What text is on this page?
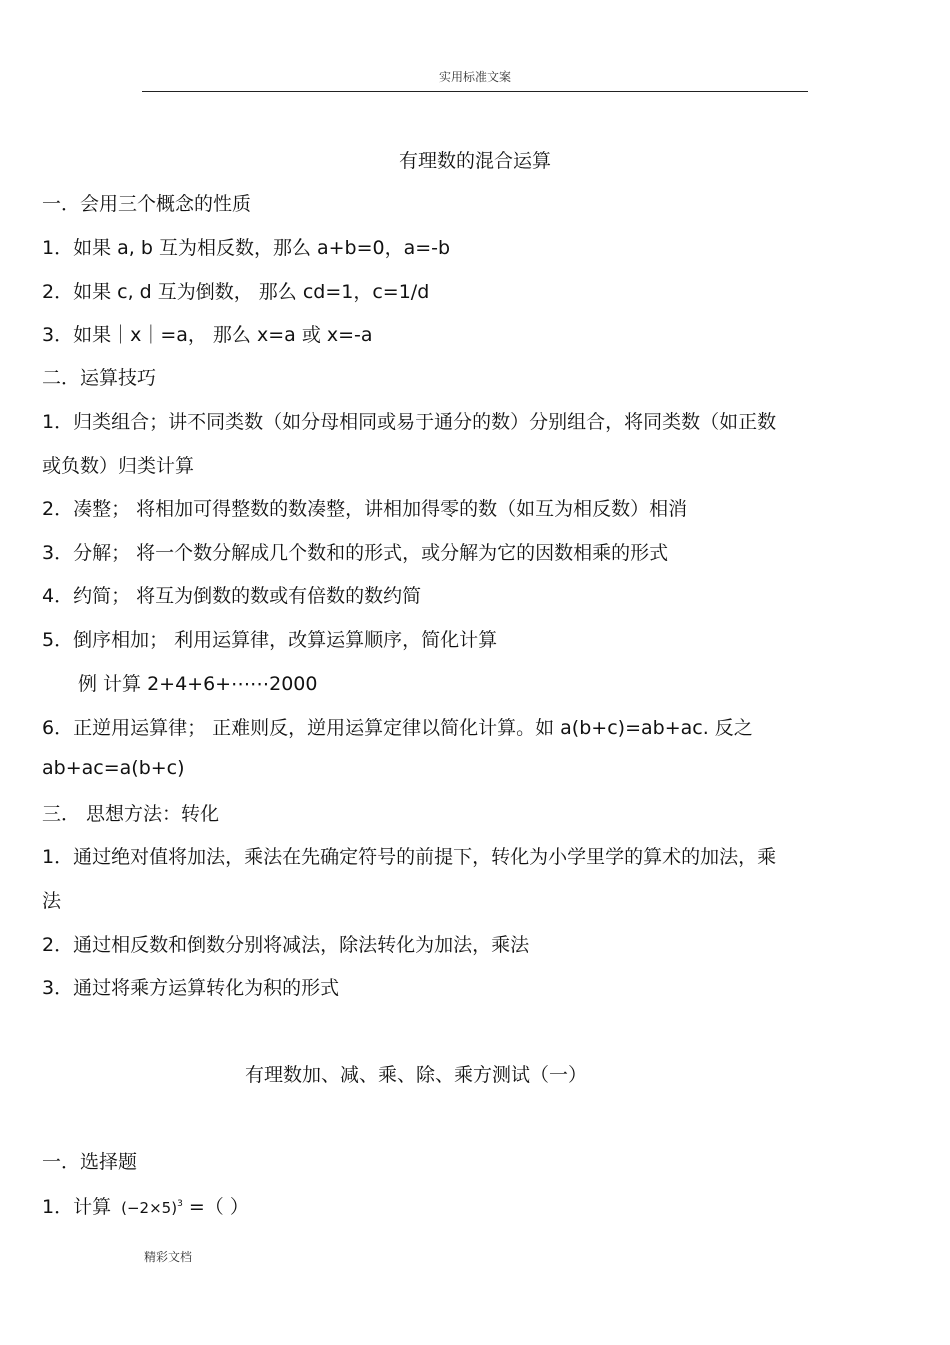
实用标准文案
有理数的混合运算
一．会用三个概念的性质
1．如果 a, b 互为相反数，那么 a+b=0，a=-b
2．如果 c, d 互为倒数， 那么 cd=1，c=1/d
3．如果｜x｜=a， 那么 x=a 或 x=-a
二．运算技巧
1．归类组合；讲不同类数（如分母相同或易于通分的数）分别组合，将同类数（如正数
或负数）归类计算
2．凑整； 将相加可得整数的数凑整，讲相加得零的数（如互为相反数）相消
3．分解； 将一个数分解成几个数和的形式，或分解为它的因数相乘的形式
4．约简； 将互为倒数的数或有倍数的数约简
5．倒序相加； 利用运算律，改算运算顺序，简化计算
例 计算 2+4+6+⋯⋯2000
6．正逆用运算律； 正难则反，逆用运算定律以简化计算。如 a(b+c)=ab+ac. 反之
ab+ac=a(b+c)
三． 思想方法：转化
1．通过绝对值将加法，乘法在先确定符号的前提下，转化为小学里学的算术的加法，乘
法
2．通过相反数和倒数分别将减法，除法转化为加法，乘法
3．通过将乘方运算转化为积的形式
有理数加、减、乘、除、乘方测试（一）
一．选择题
1．计算 $(-2\times 5)^3$ =（ ）
精彩文档
